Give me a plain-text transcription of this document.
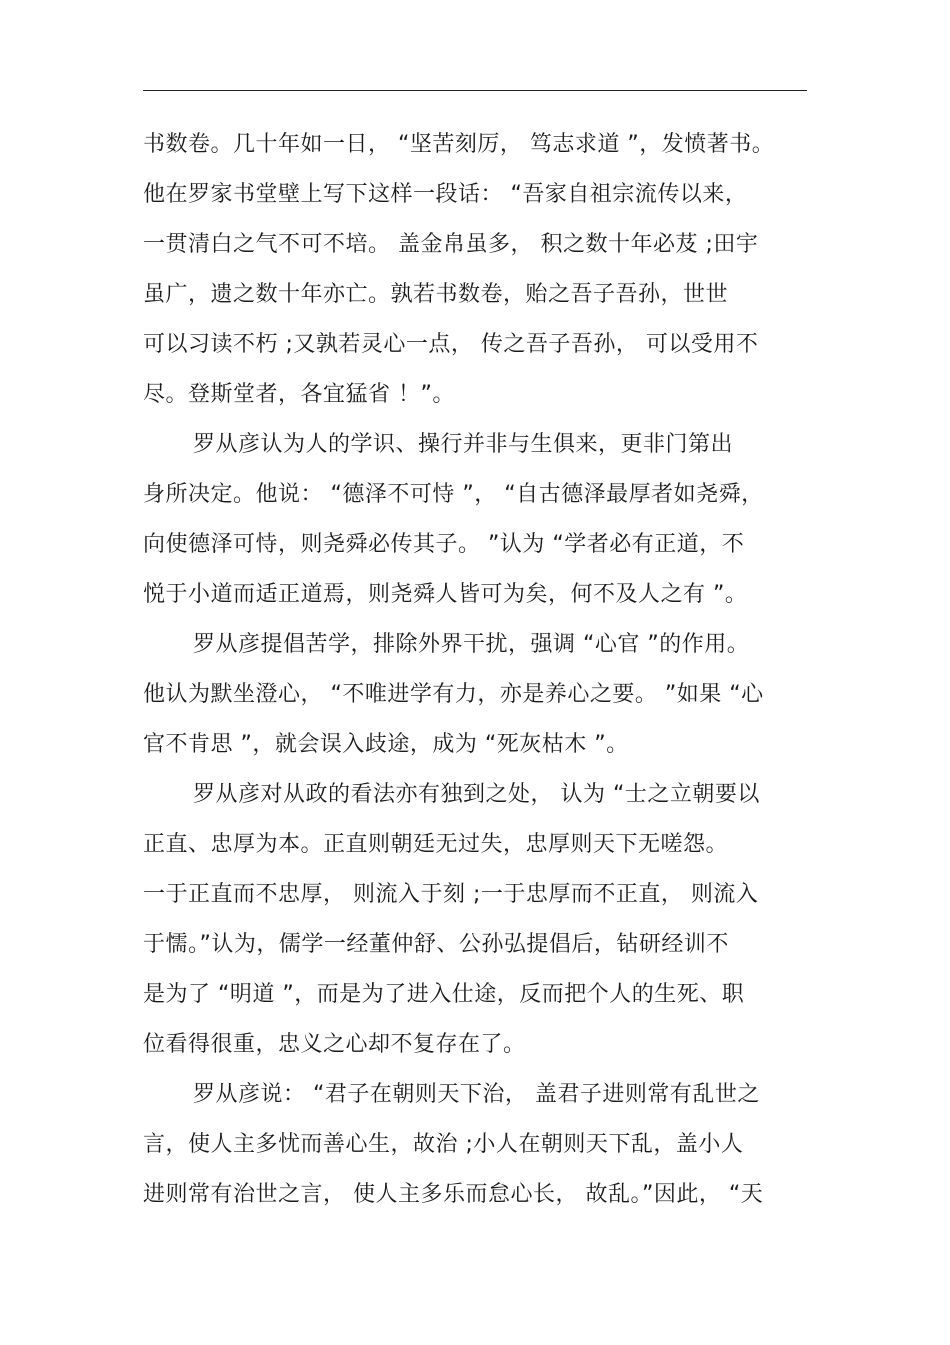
书数卷。几十年如一日， “坚苦刻厉， 笃志求道 ”，发愤著书。
他在罗家书堂壁上写下这样一段话： “吾家自祖宗流传以来，
一贯清白之气不可不培。 盖金帛虽多， 积之数十年必芨 ;田宇
虽广，遗之数十年亦亡。孰若书数卷，贻之吾子吾孙，世世
可以习读不朽 ;又孰若灵心一点， 传之吾子吾孙， 可以受用不
尽。登斯堂者，各宜猛省 ！”。
罗从彦认为人的学识、操行并非与生俱来，更非门第出
身所决定。他说： “德泽不可恃 ”， “自古德泽最厚者如尧舜，
向使德泽可恃，则尧舜必传其子。 ”认为 “学者必有正道，不
悦于小道而适正道焉，则尧舜人皆可为矣，何不及人之有 ”。
罗从彦提倡苦学，排除外界干扰，强调 “心官 ”的作用。
他认为默坐澄心， “不唯进学有力，亦是养心之要。 ”如果 “心
官不肯思 ”，就会误入歧途，成为 “死灰枯木 ”。
罗从彦对从政的看法亦有独到之处， 认为 “士之立朝要以
正直、忠厚为本。正直则朝廷无过失，忠厚则天下无嗟怨。
一于正直而不忠厚， 则流入于刻 ;一于忠厚而不正直， 则流入
于懦。”认为，儒学一经董仲舒、公孙弘提倡后，钻研经训不
是为了 “明道 ”，而是为了进入仕途，反而把个人的生死、职
位看得很重，忠义之心却不复存在了。
罗从彦说： “君子在朝则天下治， 盖君子进则常有乱世之
言，使人主多忧而善心生，故治 ;小人在朝则天下乱，盖小人
进则常有治世之言， 使人主多乐而怠心长， 故乱。”因此， “天
